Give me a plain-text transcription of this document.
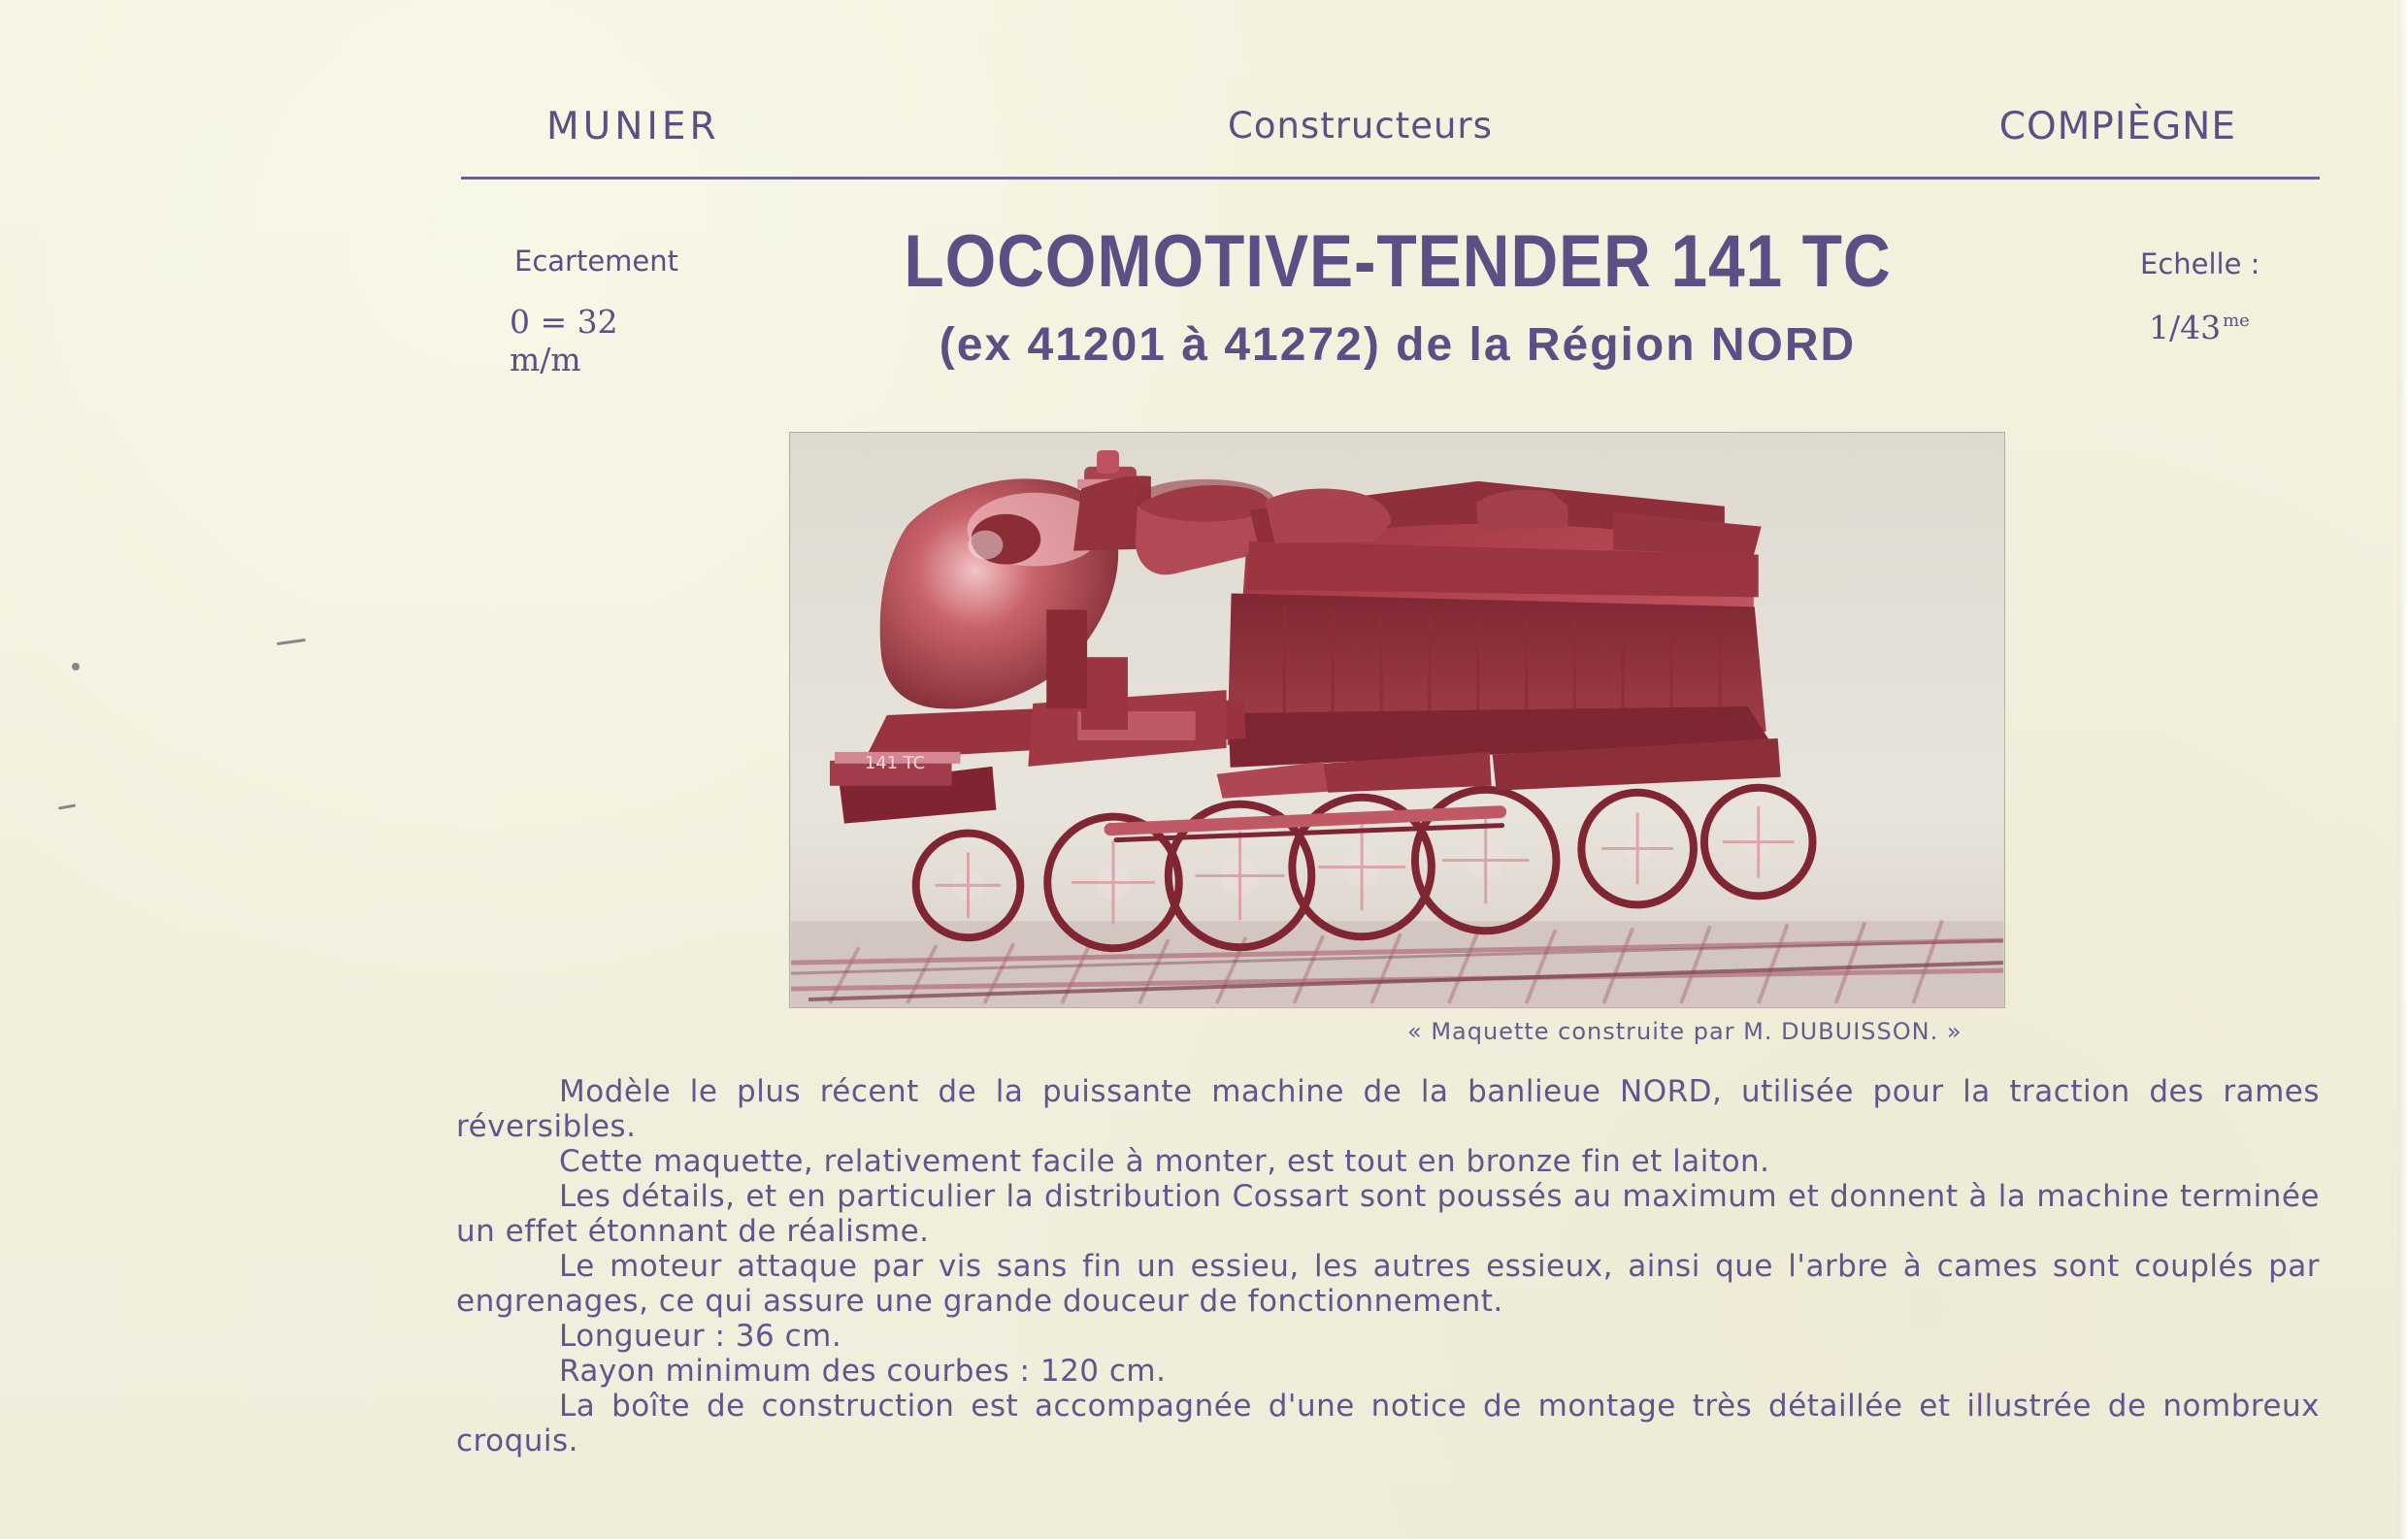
MUNIER	Constructeurs	COMPIÈGNE
Ecartement
0 = 32 m/m
LOCOMOTIVE-TENDER 141 TC
(ex 41201 à 41272) de la Région NORD
Echelle :
1/43 $^{me}$
141 TC
« Maquette construite par M. DUBUISSON. »

Modèle le plus récent de la puissante machine de la banlieue NORD, utilisée pour la traction des rames réversibles.

Cette maquette, relativement facile à monter, est tout en bronze fin et laiton.

Les détails, et en particulier la distribution Cossart sont poussés au maximum et donnent à la machine terminée un effet étonnant de réalisme.

Le moteur attaque par vis sans fin un essieu, les autres essieux, ainsi que l'arbre à cames sont couplés par engrenages, ce qui assure une grande douceur de fonctionnement.

Longueur : 36 cm.

Rayon minimum des courbes : 120 cm.

La boîte de construction est accompagnée d'une notice de montage très détaillée et illustrée de nombreux croquis.
